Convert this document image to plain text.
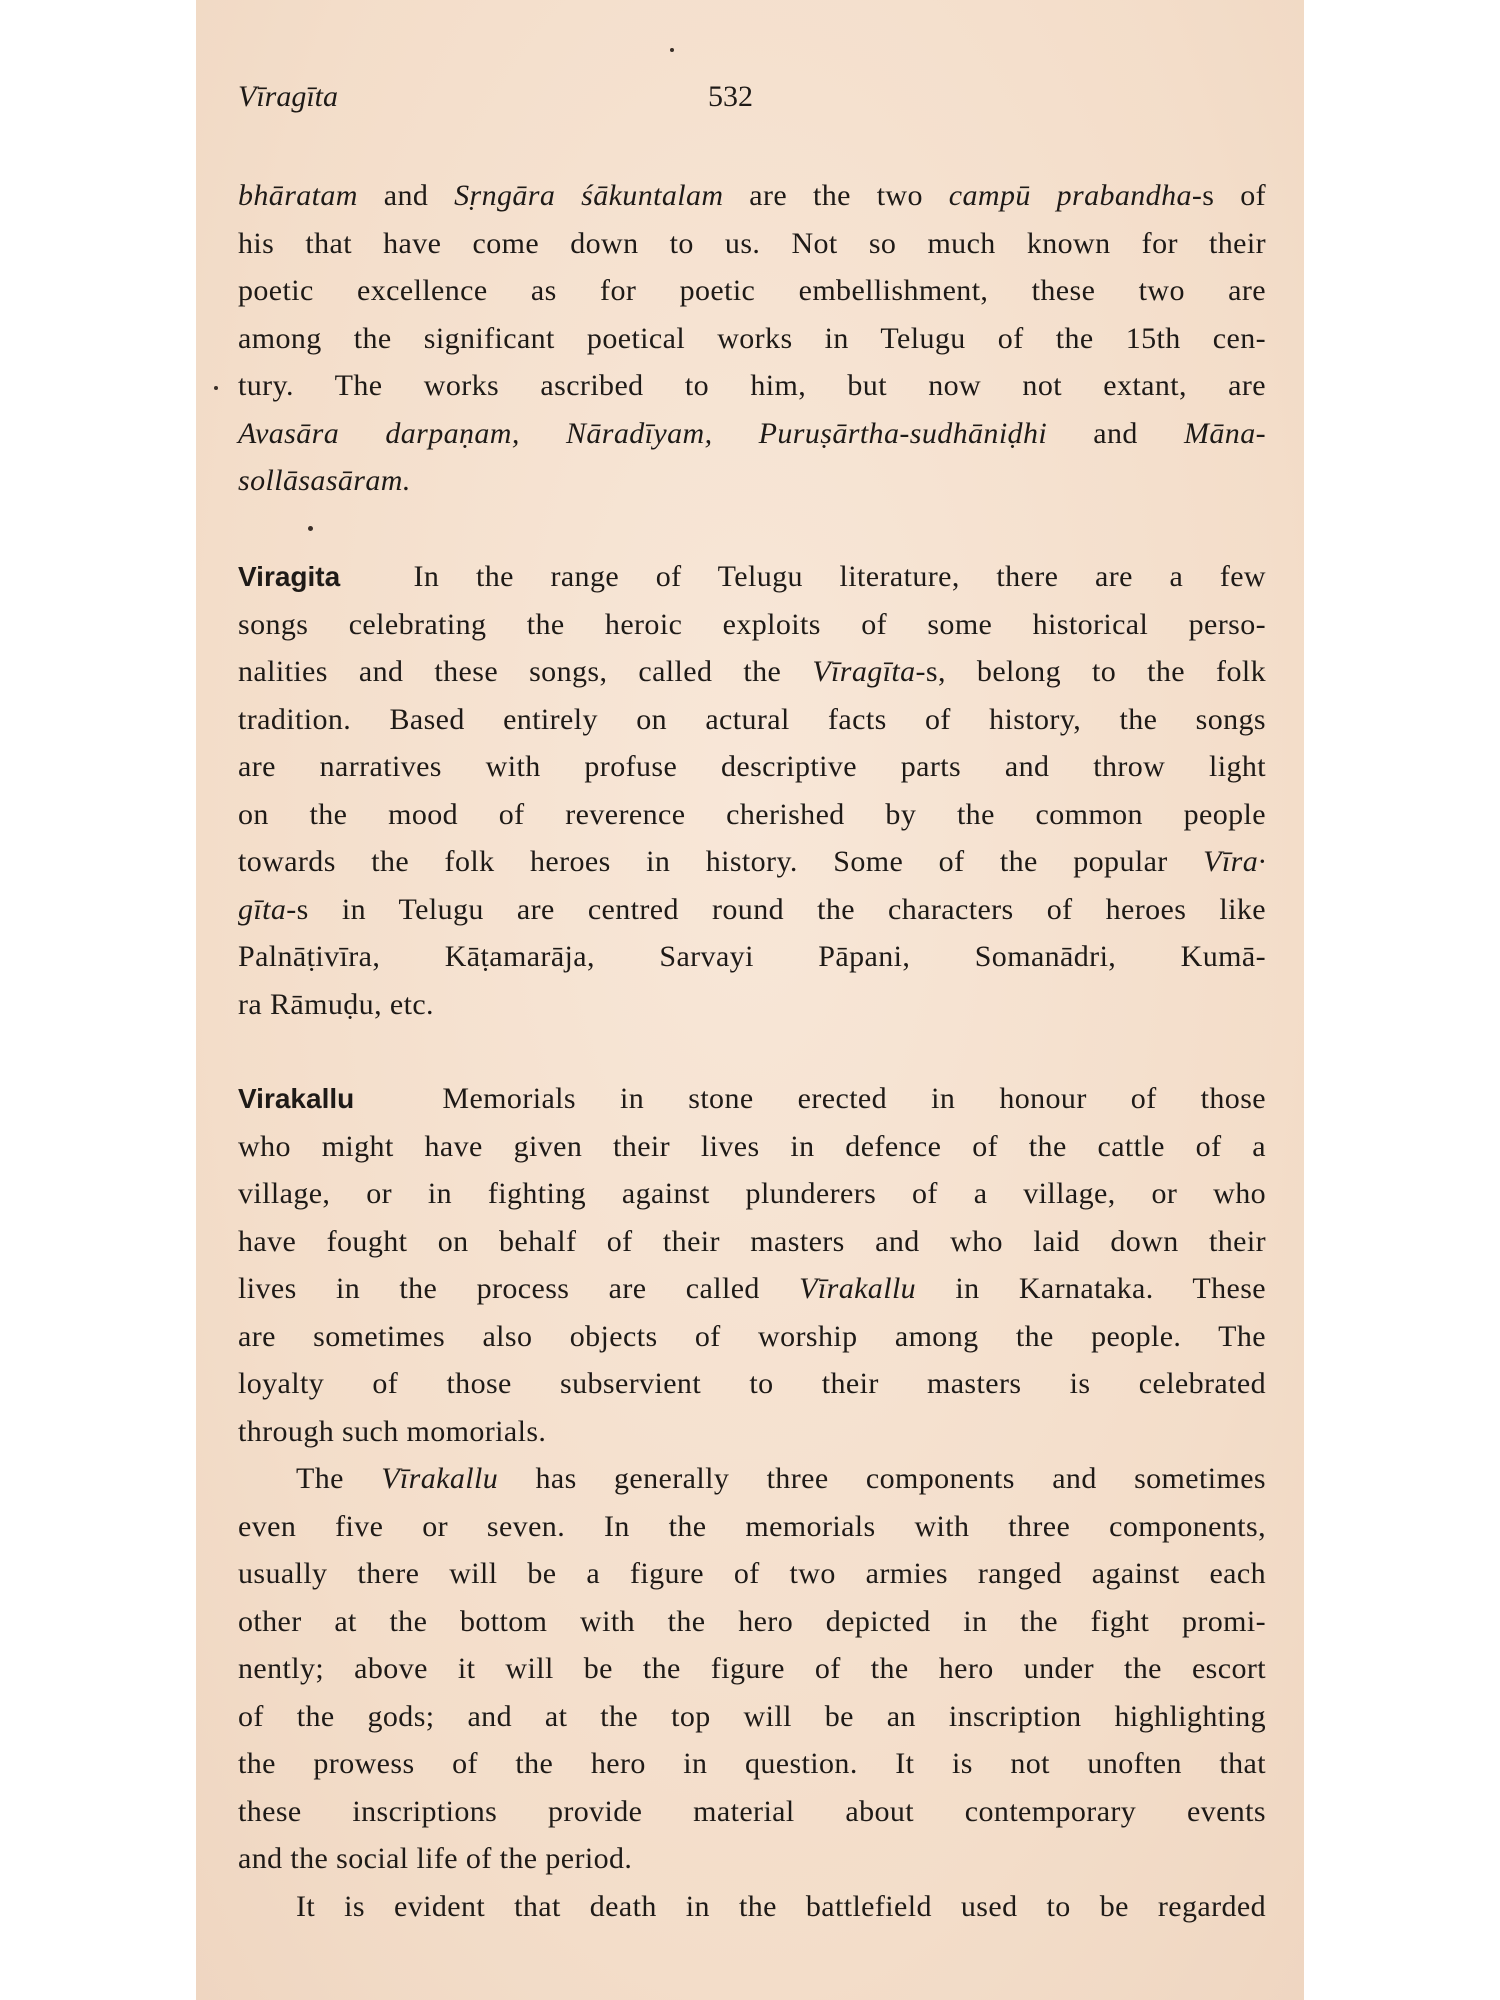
Vīragīta	532

bhāratam and Sṛngāra śākuntalam are the two campū prabandha-s of
his that have come down to us. Not so much known for their
poetic excellence as for poetic embellishment, these two are
among the significant poetical works in Telugu of the 15th cen-
tury. The works ascribed to him, but now not extant, are
Avasāra darpaṇam, Nāradīyam, Puruṣārtha-sudhāniḍhi and Māna-
sollāsasāram.

Viragita In the range of Telugu literature, there are a few
songs celebrating the heroic exploits of some historical perso-
nalities and these songs, called the Vīragīta-s, belong to the folk
tradition. Based entirely on actural facts of history, the songs
are narratives with profuse descriptive parts and throw light
on the mood of reverence cherished by the common people
towards the folk heroes in history. Some of the popular Vīra·
gīta-s in Telugu are centred round the characters of heroes like
Palnāṭivīra, Kāṭamarāja, Sarvayi Pāpani, Somanādri, Kumā-
ra Rāmuḍu, etc.

Virakallu	Memorials in stone erected in honour of those
who might have given their lives in defence of the cattle of a
village, or in fighting against plunderers of a village, or who
have fought on behalf of their masters and who laid down their
lives in the process are called Vīrakallu in Karnataka. These
are sometimes also objects of worship among the people. The
loyalty of those subservient to their masters is celebrated
through such momorials.

The Vīrakallu has generally three components and sometimes
even five or seven. In the memorials with three components,
usually there will be a figure of two armies ranged against each
other at the bottom with the hero depicted in the fight promi-
nently; above it will be the figure of the hero under the escort
of the gods; and at the top will be an inscription highlighting
the prowess of the hero in question. It is not unoften that
these inscriptions provide material about contemporary events
and the social life of the period.

It is evident that death in the battlefield used to be regarded
